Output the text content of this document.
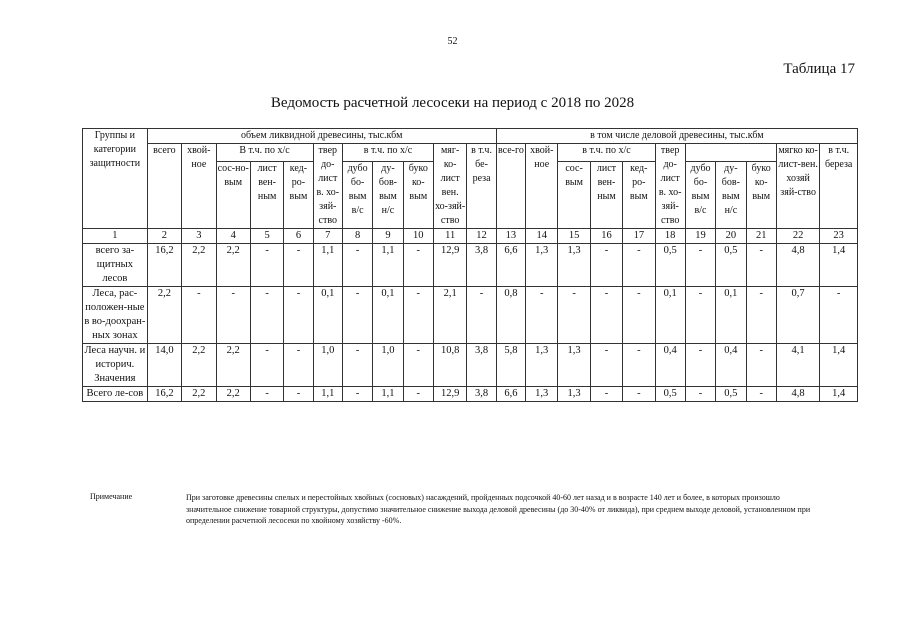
52
Таблица 17
Ведомость расчетной лесосеки на период с 2018 по 2028
Группы и категории защитности	объем ликвидной древесины, тыс.кбм											в том числе деловой древесины, тыс.кбм										
	всего	хвой-ное	В т.ч. по х/с			твер до-лист в. хо-зяй-ство	в т.ч. по х/с			мяг-ко-лист вен. хо-зяй-ство	в т.ч. бе-реза	все-го	хвой-ное	в т.ч. по х/с			твер до-лист в. хо-зяй-ство				мягко ко-лист-вен. хозяй зяй-ство	в т.ч. береза
			сос-но-вым	лист вен-ным	кед-ро-вым		дубо бо-вым в/с	ду-бов-вым н/с	буко ко-вым					сос-вым	лист вен-ным	кед-ро-вым		дубо бо-вым в/с	ду-бов-вым н/с	буко ко-вым		
1	2	3	4	5	6	7	8	9	10	11	12	13	14	15	16	17	18	19	20	21	22	23
всего за-щитных лесов	16,2	2,2	2,2	-	-	1,1	-	1,1	-	12,9	3,8	6,6	1,3	1,3	-	-	0,5	-	0,5	-	4,8	1,4
Леса, рас-положен-ные в во-доохран-ных зонах	2,2	-	-	-	-	0,1	-	0,1	-	2,1	-	0,8	-	-	-	-	0,1	-	0,1	-	0,7	-
Леса научн. и историч. Значения	14,0	2,2	2,2	-	-	1,0	-	1,0	-	10,8	3,8	5,8	1,3	1,3	-	-	0,4	-	0,4	-	4,1	1,4
Всего ле-сов	16,2	2,2	2,2	-	-	1,1	-	1,1	-	12,9	3,8	6,6	1,3	1,3	-	-	0,5	-	0,5	-	4,8	1,4
Примечание	При заготовке древесины спелых и перестойных хвойных (сосновых) насаждений, пройденных подсочкой 40-60 лет назад и в возрасте 140 лет и более, в которых произошло значительное снижение товарной структуры, допустимо значительное снижение выхода деловой древесины (до 30-40% от ликвида), при среднем выходе деловой, установленном при определении расчетной лесосеки по хвойному хозяйству -60%.
